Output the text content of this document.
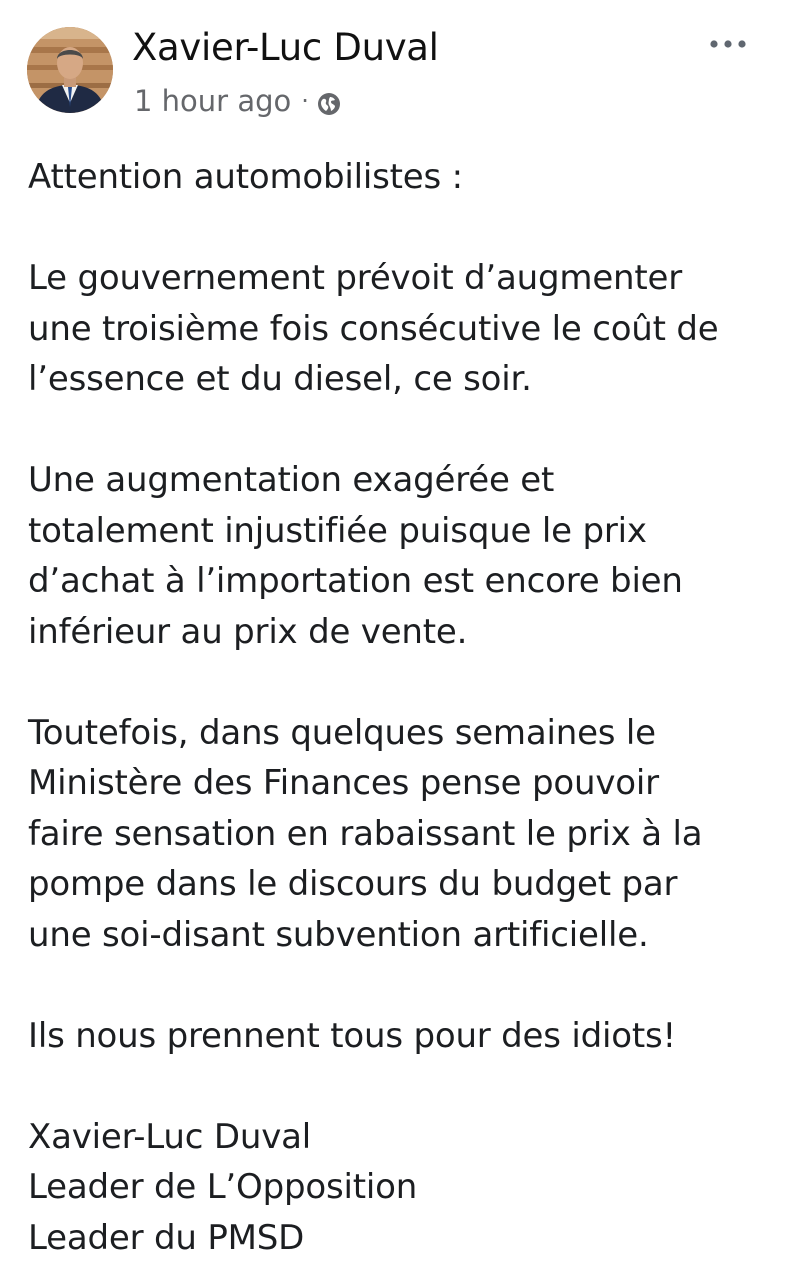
Xavier-Luc Duval
1 hour ago ·

Attention automobilistes :

Le gouvernement prévoit d’augmenter
une troisième fois consécutive le coût de
l’essence et du diesel, ce soir.

Une augmentation exagérée et
totalement injustifiée puisque le prix
d’achat à l’importation est encore bien
inférieur au prix de vente.

Toutefois, dans quelques semaines le
Ministère des Finances pense pouvoir
faire sensation en rabaissant le prix à la
pompe dans le discours du budget par
une soi-disant subvention artificielle.

Ils nous prennent tous pour des idiots!

Xavier-Luc Duval
Leader de L’Opposition
Leader du PMSD
